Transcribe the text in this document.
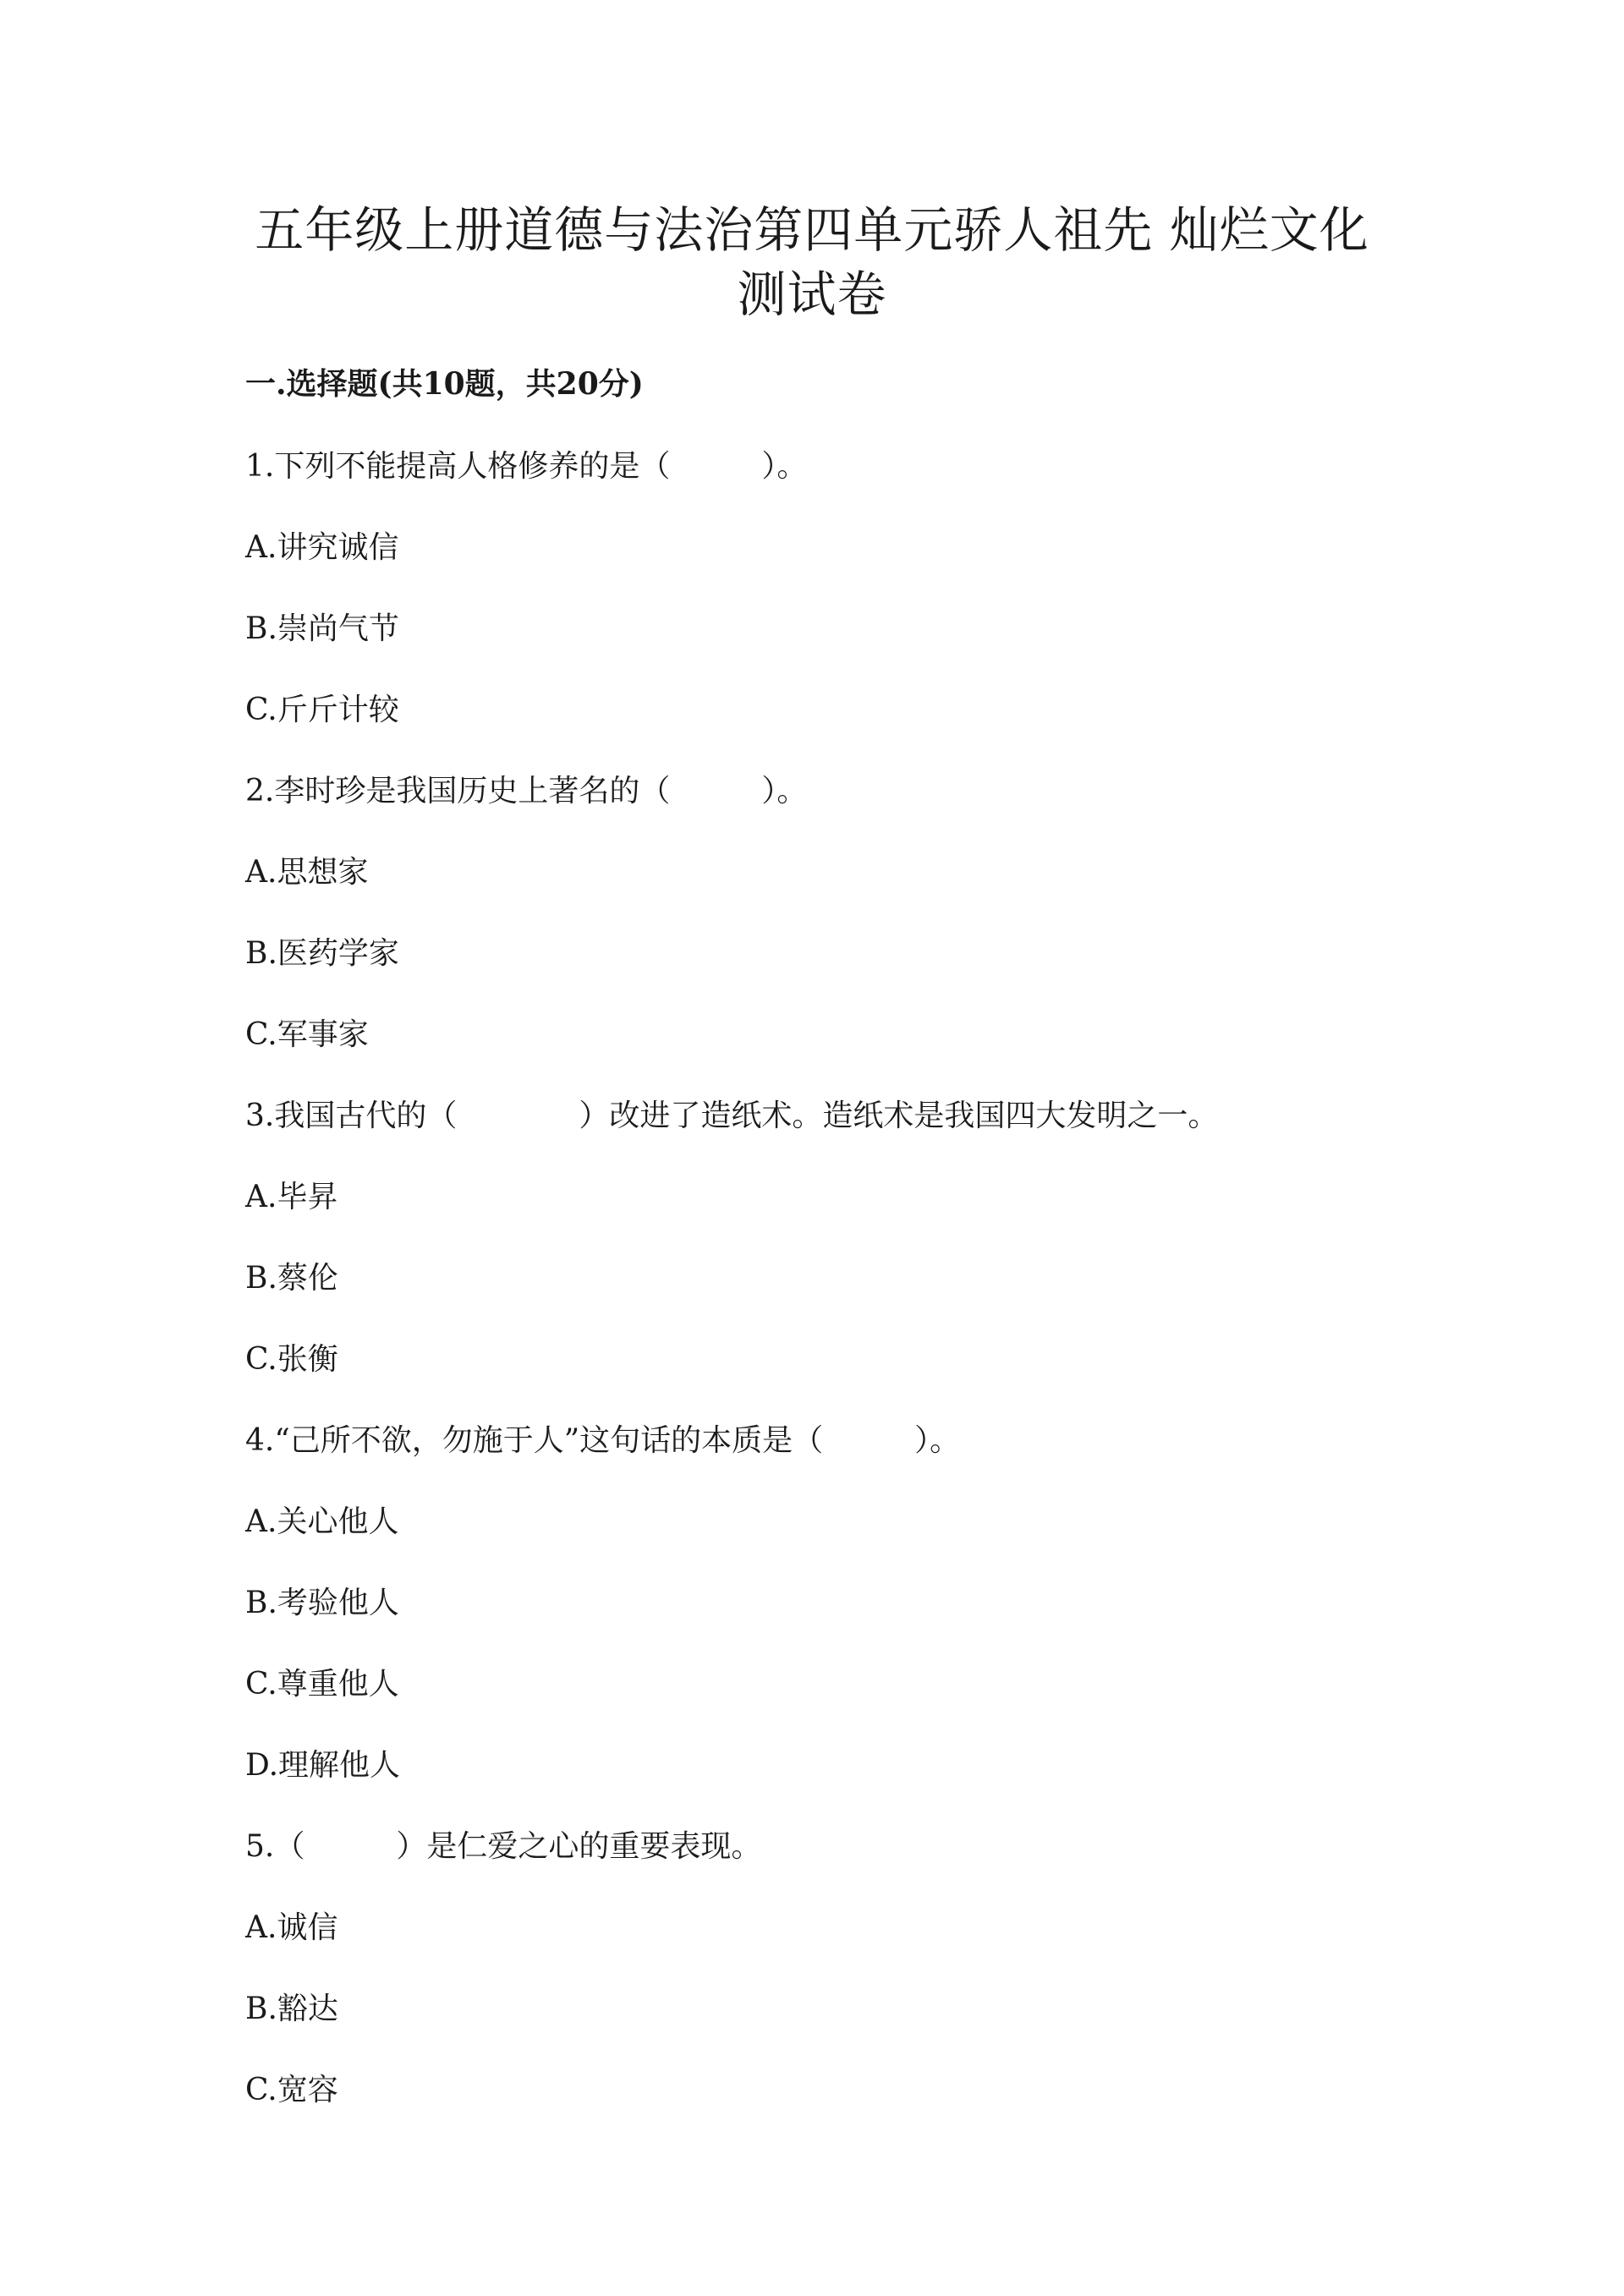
五年级上册道德与法治第四单元骄人祖先 灿烂文化
测试卷
一.选择题(共10题，共20分)
1.下列不能提高人格修养的是（　　　）。
A.讲究诚信
B.崇尚气节
C.斤斤计较
2.李时珍是我国历史上著名的（　　　）。
A.思想家
B.医药学家
C.军事家
3.我国古代的（　　　　）改进了造纸术。造纸术是我国四大发明之一。
A.毕昇
B.蔡伦
C.张衡
4.“己所不欲，勿施于人”这句话的本质是（　　　）。
A.关心他人
B.考验他人
C.尊重他人
D.理解他人
5.（　　　）是仁爱之心的重要表现。
A.诚信
B.豁达
C.宽容
